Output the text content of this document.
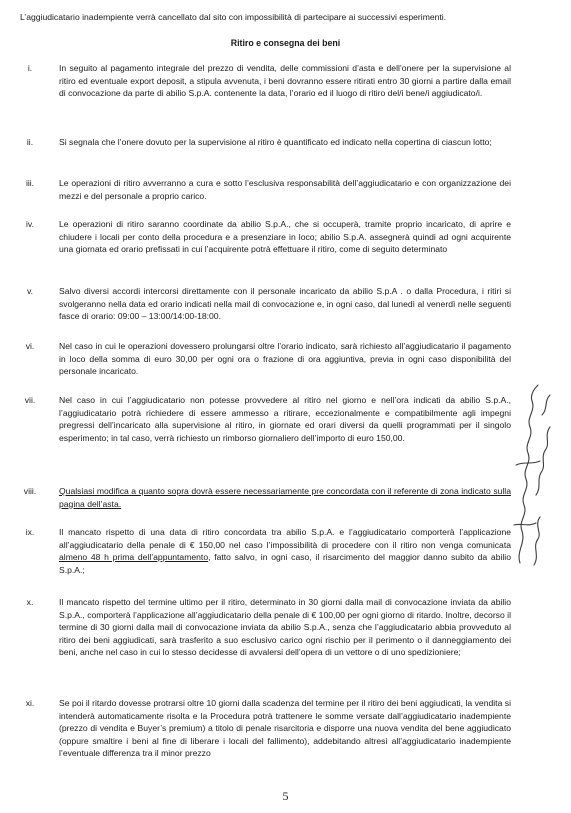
L’aggiudicatario inadempiente verrà cancellato dal sito con impossibilità di partecipare ai successivi esperimenti.

Ritiro e consegna dei beni

i.	In seguito al pagamento integrale del prezzo di vendita, delle commissioni d’asta e dell’onere per la supervisione al ritiro ed eventuale export deposit, a stipula avvenuta, i beni dovranno essere ritirati entro 30 giorni a partire dalla email di convocazione da parte di abilio S.p.A. contenente la data, l’orario ed il luogo di ritiro del/i bene/i aggiudicato/i.

ii.	Si segnala che l’onere dovuto per la supervisione al ritiro è quantificato ed indicato nella copertina di ciascun lotto;

iii.	Le operazioni di ritiro avverranno a cura e sotto l’esclusiva responsabilità dell’aggiudicatario e con organizzazione dei mezzi e del personale a proprio carico.

iv.	Le operazioni di ritiro saranno coordinate da abilio S.p.A., che si occuperà, tramite proprio incaricato, di aprire e chiudere i locali per conto della procedura e a presenziare in loco; abilio S.p.A. assegnerà quindi ad ogni acquirente una giornata ed orario prefissati in cui l’acquirente potrà effettuare il ritiro, come di seguito determinato

v.	Salvo diversi accordi intercorsi direttamente con il personale incaricato da abilio S.p.A . o dalla Procedura, i ritiri si svolgeranno nella data ed orario indicati nella mail di convocazione e, in ogni caso, dal lunedì al venerdì nelle seguenti fasce di orario: 09:00 – 13:00/14:00-18:00.

vi.	Nel caso in cui le operazioni dovessero prolungarsi oltre l’orario indicato, sarà richiesto all’aggiudicatario il pagamento in loco della somma di euro 30,00 per ogni ora o frazione di ora aggiuntiva, previa in ogni caso disponibilità del personale incaricato.

vii.	Nel caso in cui l’aggiudicatario non potesse provvedere al ritiro nel giorno e nell’ora indicati da abilio S.p.A., l’aggiudicatario potrà richiedere di essere ammesso a ritirare, eccezionalmente e compatibilmente agli impegni pregressi dell’incaricato alla supervisione al ritiro, in giornate ed orari diversi da quelli programmati per il singolo esperimento; in tal caso, verrà richiesto un rimborso giornaliero dell’importo di euro 150,00.

viii.	Qualsiasi modifica a quanto sopra dovrà essere necessariamente pre concordata con il referente di zona indicato sulla pagina dell’asta.

ix.	Il mancato rispetto di una data di ritiro concordata tra abilio S.p.A. e l’aggiudicatario comporterà l’applicazione all’aggiudicatario della penale di € 150,00 nel caso l’impossibilità di procedere con il ritiro non venga comunicata almeno 48 h prima dell’appuntamento, fatto salvo, in ogni caso, il risarcimento del maggior danno subito da abilio S.p.A.;

x.	Il mancato rispetto del termine ultimo per il ritiro, determinato in 30 giorni dalla mail di convocazione inviata da abilio S.p.A., comporterà l’applicazione all’aggiudicatario della penale di € 100,00 per ogni giorno di ritardo. Inoltre, decorso il termine di 30 giorni dalla mail di convocazione inviata da abilio S.p.A., senza che l’aggiudicatario abbia provveduto al ritiro dei beni aggiudicati, sarà trasferito a suo esclusivo carico ogni rischio per il perimento o il danneggiamento dei beni, anche nel caso in cui lo stesso decidesse di avvalersi dell’opera di un vettore o di uno spedizioniere;

xi.	Se poi il ritardo dovesse protrarsi oltre 10 giorni dalla scadenza del termine per il ritiro dei beni aggiudicati, la vendita si intenderà automaticamente risolta e la Procedura potrà trattenere le somme versate dall’aggiudicatario inadempiente (prezzo di vendita e Buyer’s premium) a titolo di penale risarcitoria e disporre una nuova vendita del bene aggiudicato (oppure smaltire i beni al fine di liberare i locali del fallimento), addebitando altresì all’aggiudicatario inadempiente l’eventuale differenza tra il minor prezzo

5
